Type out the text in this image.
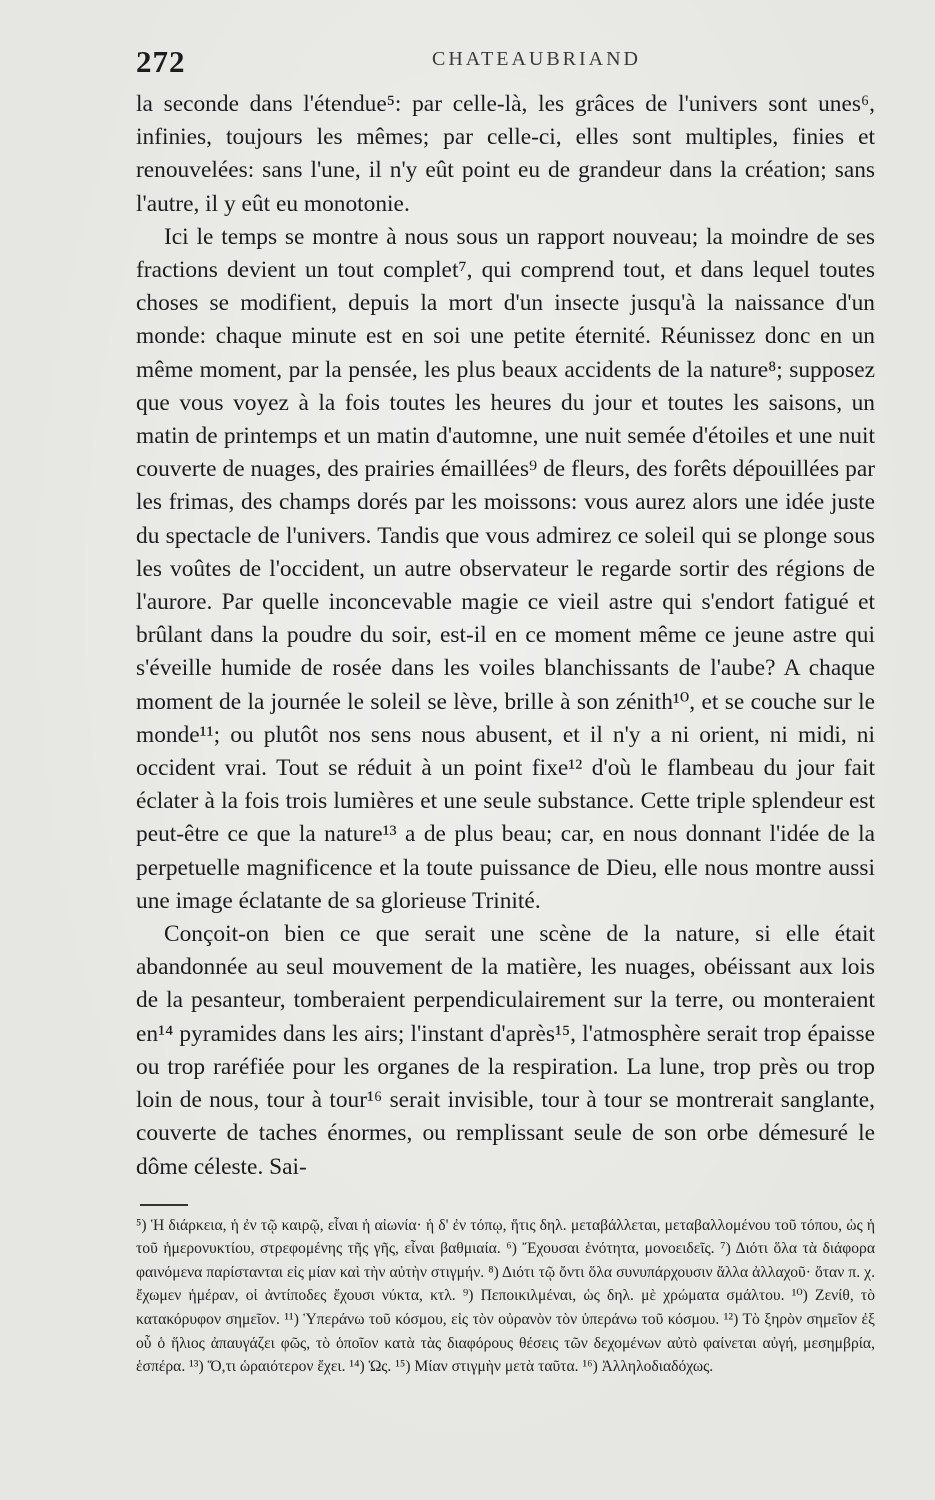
272	CHATEAUBRIAND

la seconde dans l'étendue⁵: par celle-là, les grâces de l'univers sont unes⁶, infinies, toujours les mêmes; par celle-ci, elles sont multiples, finies et renouvelées: sans l'une, il n'y eût point eu de grandeur dans la création; sans l'autre, il y eût eu monotonie.

Ici le temps se montre à nous sous un rapport nouveau; la moindre de ses fractions devient un tout complet⁷, qui comprend tout, et dans lequel toutes choses se modifient, depuis la mort d'un insecte jusqu'à la naissance d'un monde: chaque minute est en soi une petite éternité. Réunissez donc en un même moment, par la pensée, les plus beaux accidents de la nature⁸; supposez que vous voyez à la fois toutes les heures du jour et toutes les saisons, un matin de printemps et un matin d'automne, une nuit semée d'étoiles et une nuit couverte de nuages, des prairies émaillées⁹ de fleurs, des forêts dépouillées par les frimas, des champs dorés par les moissons: vous aurez alors une idée juste du spectacle de l'univers. Tandis que vous admirez ce soleil qui se plonge sous les voûtes de l'occident, un autre observateur le regarde sortir des régions de l'aurore. Par quelle inconcevable magie ce vieil astre qui s'endort fatigué et brûlant dans la poudre du soir, est-il en ce moment même ce jeune astre qui s'éveille humide de rosée dans les voiles blanchissants de l'aube? A chaque moment de la journée le soleil se lève, brille à son zénith¹⁰, et se couche sur le monde¹¹; ou plutôt nos sens nous abusent, et il n'y a ni orient, ni midi, ni occident vrai. Tout se réduit à un point fixe¹² d'où le flambeau du jour fait éclater à la fois trois lumières et une seule substance. Cette triple splendeur est peut-être ce que la nature¹³ a de plus beau; car, en nous donnant l'idée de la perpetuelle magnificence et la toute puissance de Dieu, elle nous montre aussi une image éclatante de sa glorieuse Trinité.

Conçoit-on bien ce que serait une scène de la nature, si elle était abandonnée au seul mouvement de la matière, les nuages, obéissant aux lois de la pesanteur, tomberaient perpendiculairement sur la terre, ou monteraient en¹⁴ pyramides dans les airs; l'instant d'après¹⁵, l'atmosphère serait trop épaisse ou trop raréfiée pour les organes de la respiration. La lune, trop près ou trop loin de nous, tour à tour¹⁶ serait invisible, tour à tour se montrerait sanglante, couverte de taches énormes, ou remplissant seule de son orbe démesuré le dôme céleste. Sai-

⁵) Ἡ διάρκεια, ἡ ἐν τῷ καιρῷ, εἶναι ἡ αἰωνία· ἡ δ' ἐν τόπῳ, ἥτις δηλ. μεταβάλλεται, μεταβαλλομένου τοῦ τόπου, ὡς ἡ τοῦ ἡμερονυκτίου, στρεφομένης τῆς γῆς, εἶναι βαθμιαία. ⁶) Ἔχουσαι ἑνότητα, μονοειδεῖς. ⁷) Διότι ὅλα τὰ διάφορα φαινόμενα παρίστανται εἰς μίαν καὶ τὴν αὐτὴν στιγμήν. ⁸) Διότι τῷ ὄντι ὅλα συνυπάρχουσιν ἄλλα ἀλλαχοῦ· ὅταν π. χ. ἔχωμεν ἡμέραν, οἱ ἀντίποδες ἔχουσι νύκτα, κτλ. ⁹) Πεποικιλμέναι, ὡς δηλ. μὲ χρώματα σμάλτου. ¹⁰) Ζενίθ, τὸ κατακόρυφον σημεῖον. ¹¹) Ὑπεράνω τοῦ κόσμου, εἰς τὸν οὐρανὸν τὸν ὑπεράνω τοῦ κόσμου. ¹²) Τὸ ξηρὸν σημεῖον ἐξ οὗ ὁ ἥλιος ἀπαυγάζει φῶς, τὸ ὁποῖον κατὰ τὰς διαφόρους θέσεις τῶν δεχομένων αὐτὸ φαίνεται αὐγή, μεσημβρία, ἑσπέρα. ¹³) Ὅ,τι ὡραιότερον ἔχει. ¹⁴) Ὡς. ¹⁵) Μίαν στιγμὴν μετὰ ταῦτα. ¹⁶) Ἀλληλοδιαδόχως.
